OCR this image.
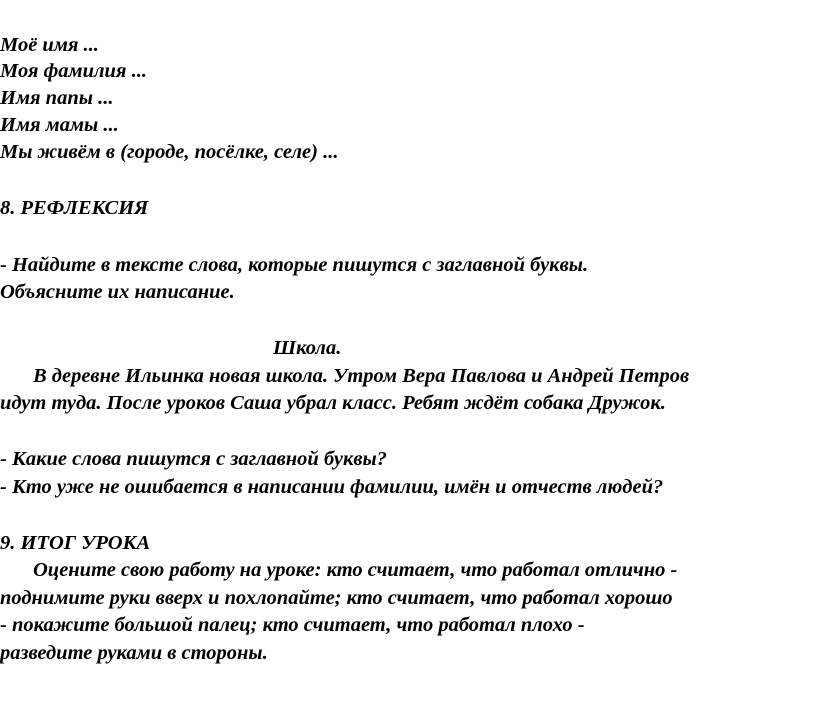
Моё имя ...
Моя фамилия ...
Имя папы ...
Имя мамы ...
Мы живём в (городе, посёлке, селе) ...
8. РЕФЛЕКСИЯ
- Найдите в тексте слова, которые пишутся с заглавной буквы.
Объясните их написание.
Школа.
В деревне Ильинка новая школа. Утром Вера Павлова и Андрей Петров
идут туда. После уроков Саша убрал класс. Ребят ждёт собака Дружок.
- Какие слова пишутся с заглавной буквы?
- Кто уже не ошибается в написании фамилии, имён и отчеств людей?
9. ИТОГ УРОКА
Оцените свою работу на уроке: кто считает, что работал отлично -
поднимите руки вверх и похлопайте; кто считает, что работал хорошо
- покажите большой палец; кто считает, что работал плохо -
разведите руками в стороны.
